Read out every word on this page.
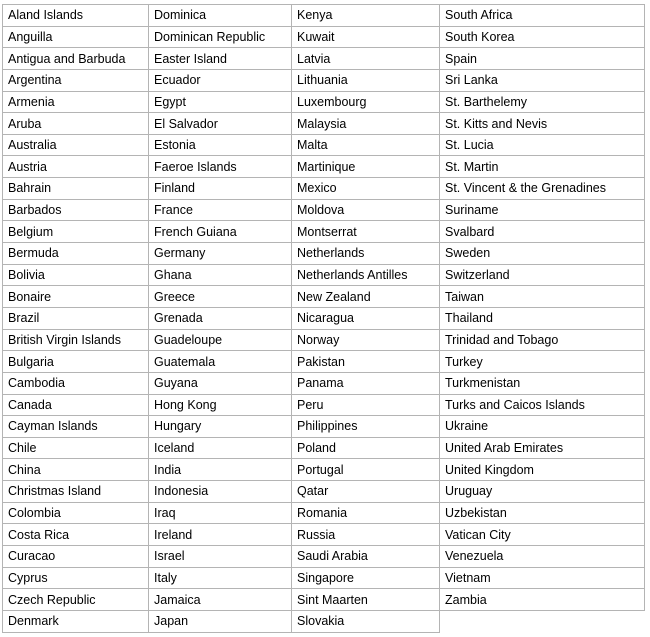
Aland Islands	Dominica	Kenya	South Africa
Anguilla	Dominican Republic	Kuwait	South Korea
Antigua and Barbuda	Easter Island	Latvia	Spain
Argentina	Ecuador	Lithuania	Sri Lanka
Armenia	Egypt	Luxembourg	St. Barthelemy
Aruba	El Salvador	Malaysia	St. Kitts and Nevis
Australia	Estonia	Malta	St. Lucia
Austria	Faeroe Islands	Martinique	St. Martin
Bahrain	Finland	Mexico	St. Vincent & the Grenadines
Barbados	France	Moldova	Suriname
Belgium	French Guiana	Montserrat	Svalbard
Bermuda	Germany	Netherlands	Sweden
Bolivia	Ghana	Netherlands Antilles	Switzerland
Bonaire	Greece	New Zealand	Taiwan
Brazil	Grenada	Nicaragua	Thailand
British Virgin Islands	Guadeloupe	Norway	Trinidad and Tobago
Bulgaria	Guatemala	Pakistan	Turkey
Cambodia	Guyana	Panama	Turkmenistan
Canada	Hong Kong	Peru	Turks and Caicos Islands
Cayman Islands	Hungary	Philippines	Ukraine
Chile	Iceland	Poland	United Arab Emirates
China	India	Portugal	United Kingdom
Christmas Island	Indonesia	Qatar	Uruguay
Colombia	Iraq	Romania	Uzbekistan
Costa Rica	Ireland	Russia	Vatican City
Curacao	Israel	Saudi Arabia	Venezuela
Cyprus	Italy	Singapore	Vietnam
Czech Republic	Jamaica	Sint Maarten	Zambia
Denmark	Japan	Slovakia	
